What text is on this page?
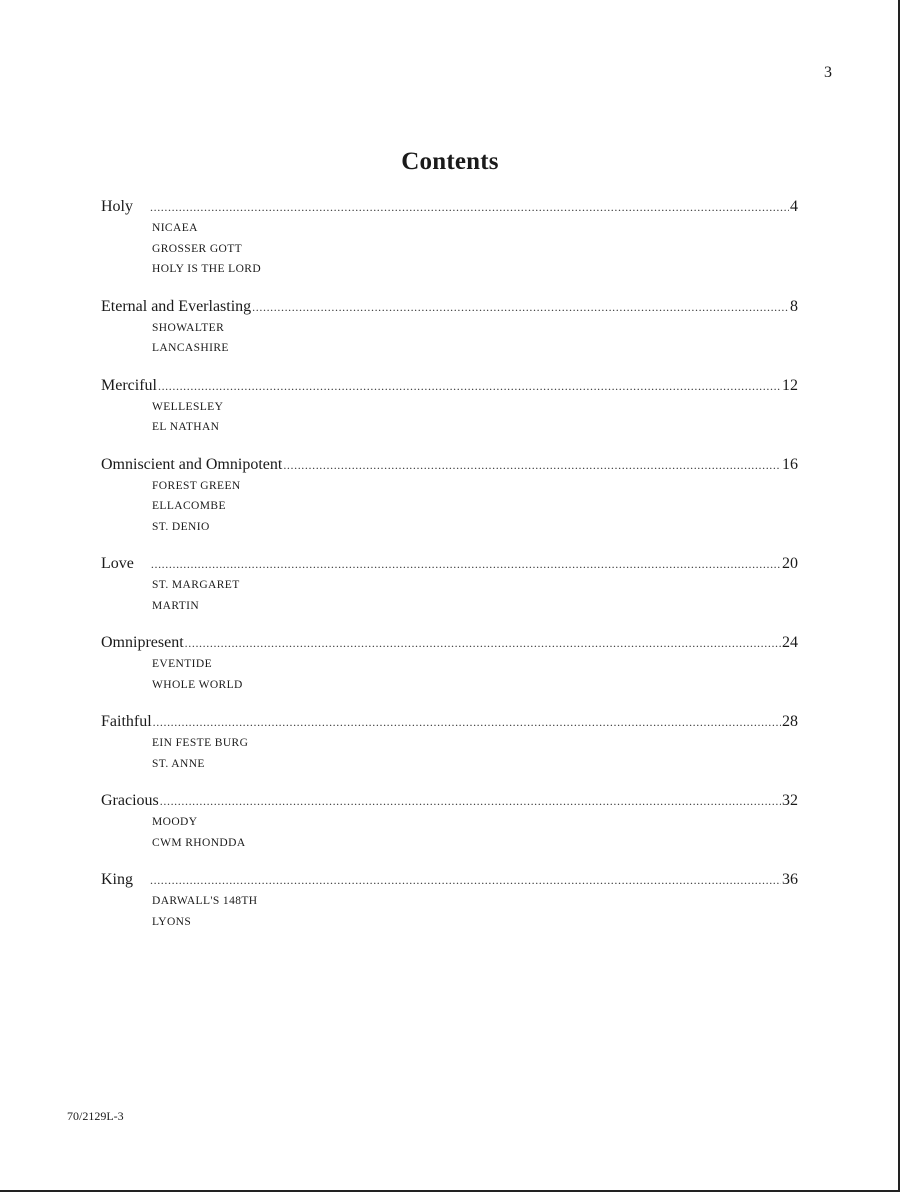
3
Contents
Holy .....	4
NICAEA
GROSSER GOTT
HOLY IS THE LORD
Eternal and Everlasting .....	8
SHOWALTER
LANCASHIRE
Merciful .....	12
WELLESLEY
EL NATHAN
Omniscient and Omnipotent .....	16
FOREST GREEN
ELLACOMBE
ST. DENIO
Love .....	20
ST. MARGARET
MARTIN
Omnipresent .....	24
EVENTIDE
WHOLE WORLD
Faithful .....	28
EIN FESTE BURG
ST. ANNE
Gracious .....	32
MOODY
CWM RHONDDA
King .....	36
DARWALL'S 148TH
LYONS
70/2129L-3
